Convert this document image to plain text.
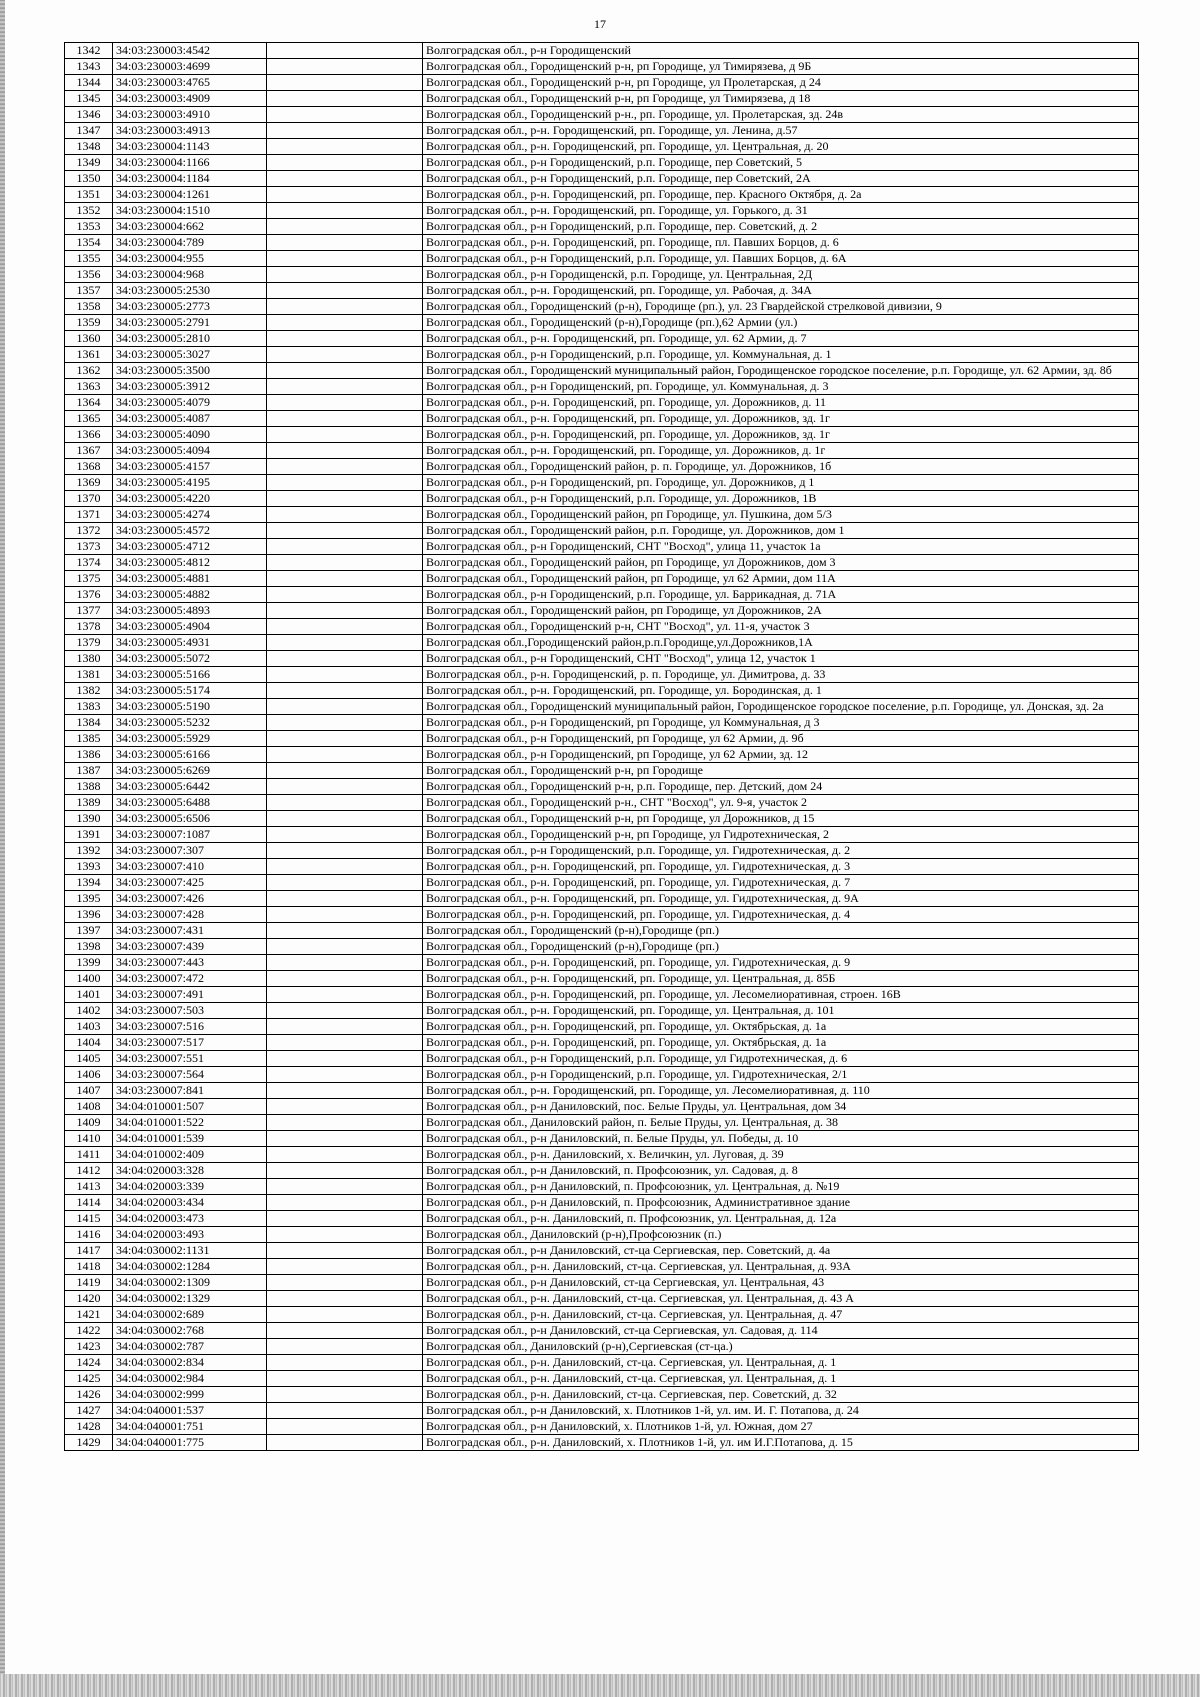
17
1342	34:03:230003:4542		Волгоградская обл., р-н Городищенский
1343	34:03:230003:4699		Волгоградская обл., Городищенский р-н, рп Городище, ул Тимирязева, д 9Б
1344	34:03:230003:4765		Волгоградская обл., Городищенский р-н, рп Городище, ул Пролетарская, д 24
1345	34:03:230003:4909		Волгоградская обл., Городищенский р-н, рп Городище, ул Тимирязева, д 18
1346	34:03:230003:4910		Волгоградская обл., Городищенский р-н., рп. Городище, ул. Пролетарская, зд. 24в
1347	34:03:230003:4913		Волгоградская обл., р-н. Городищенский, рп. Городище, ул. Ленина, д.57
1348	34:03:230004:1143		Волгоградская обл., р-н. Городищенский, рп. Городище, ул. Центральная, д. 20
1349	34:03:230004:1166		Волгоградская обл., р-н Городищенский, р.п. Городище, пер Советский, 5
1350	34:03:230004:1184		Волгоградская обл., р-н Городищенский, р.п. Городище, пер Советский, 2А
1351	34:03:230004:1261		Волгоградская обл., р-н. Городищенский, рп. Городище, пер. Красного Октября, д. 2а
1352	34:03:230004:1510		Волгоградская обл., р-н. Городищенский, рп. Городище, ул. Горького, д. 31
1353	34:03:230004:662		Волгоградская обл., р-н Городищенский, р.п. Городище, пер. Советский, д. 2
1354	34:03:230004:789		Волгоградская обл., р-н. Городищенский, рп. Городище, пл. Павших Борцов, д. 6
1355	34:03:230004:955		Волгоградская обл., р-н Городищенский, р.п. Городище, ул. Павших Борцов, д. 6А
1356	34:03:230004:968		Волгоградская обл., р-н Городищенскй, р.п. Городище, ул. Центральная, 2Д
1357	34:03:230005:2530		Волгоградская обл., р-н. Городищенский, рп. Городище, ул. Рабочая, д. 34А
1358	34:03:230005:2773		Волгоградская обл., Городищенский (р-н), Городище (рп.), ул. 23 Гвардейской стрелковой дивизии, 9
1359	34:03:230005:2791		Волгоградская обл., Городищенский (р-н),Городище (рп.),62 Армии (ул.)
1360	34:03:230005:2810		Волгоградская обл., р-н. Городищенский, рп. Городище, ул. 62 Армии, д. 7
1361	34:03:230005:3027		Волгоградская обл., р-н Городищенский, р.п. Городище, ул. Коммунальная, д. 1
1362	34:03:230005:3500		Волгоградская обл., Городищенский муниципальный район, Городищенское городское поселение, р.п. Городище, ул. 62 Армии, зд. 8б
1363	34:03:230005:3912		Волгоградская обл., р-н Городищенский, рп. Городище, ул. Коммунальная, д. 3
1364	34:03:230005:4079		Волгоградская обл., р-н. Городищенский, рп. Городище, ул. Дорожников, д. 11
1365	34:03:230005:4087		Волгоградская обл., р-н. Городищенский, рп. Городище, ул. Дорожников, зд. 1г
1366	34:03:230005:4090		Волгоградская обл., р-н. Городищенский, рп. Городище, ул. Дорожников, зд. 1г
1367	34:03:230005:4094		Волгоградская обл., р-н. Городищенский, рп. Городище, ул. Дорожников, д. 1г
1368	34:03:230005:4157		Волгоградская обл., Городищенский район, р. п. Городище, ул. Дорожников, 1б
1369	34:03:230005:4195		Волгоградская обл., р-н Городищенский, рп. Городище, ул. Дорожников, д 1
1370	34:03:230005:4220		Волгоградская обл., р-н Городищенский, р.п. Городище, ул. Дорожников, 1В
1371	34:03:230005:4274		Волгоградская обл., Городищенский район, рп Городище, ул. Пушкина, дом 5/3
1372	34:03:230005:4572		Волгоградская обл., Городищенский район, р.п. Городище, ул. Дорожников, дом 1
1373	34:03:230005:4712		Волгоградская обл., р-н Городищенский, СНТ "Восход", улица 11, участок 1а
1374	34:03:230005:4812		Волгоградская обл., Городищенский район, рп Городище, ул Дорожников, дом 3
1375	34:03:230005:4881		Волгоградская обл., Городищенский район, рп Городище, ул 62 Армии, дом 11А
1376	34:03:230005:4882		Волгоградская обл., р-н Городищенский, р.п. Городище, ул. Баррикадная, д. 71А
1377	34:03:230005:4893		Волгоградская обл., Городищенский район, рп Городище, ул Дорожников, 2А
1378	34:03:230005:4904		Волгоградская обл., Городищенский р-н, СНТ "Восход", ул. 11-я, участок 3
1379	34:03:230005:4931		Волгоградская обл.,Городищенский район,р.п.Городище,ул.Дорожников,1А
1380	34:03:230005:5072		Волгоградская обл., р-н Городищенский, СНТ "Восход", улица 12, участок 1
1381	34:03:230005:5166		Волгоградская обл., р-н. Городищенский, р. п. Городище, ул. Димитрова, д. 33
1382	34:03:230005:5174		Волгоградская обл., р-н. Городищенский, рп. Городище, ул. Бородинская, д. 1
1383	34:03:230005:5190		Волгоградская обл., Городищенский муниципальный район, Городищенское городское поселение, р.п. Городище, ул. Донская, зд. 2а
1384	34:03:230005:5232		Волгоградская обл., р-н Городищенский, рп Городище, ул Коммунальная, д 3
1385	34:03:230005:5929		Волгоградская обл., р-н Городищенский, рп Городище, ул 62 Армии, д. 9б
1386	34:03:230005:6166		Волгоградская обл., р-н Городищенский, рп Городище, ул 62 Армии, зд. 12
1387	34:03:230005:6269		Волгоградская обл., Городищенский р-н, рп Городище
1388	34:03:230005:6442		Волгоградская обл., Городищенский р-н, р.п. Городище, пер. Детский, дом 24
1389	34:03:230005:6488		Волгоградская обл., Городищенский р-н., СНТ "Восход", ул. 9-я, участок 2
1390	34:03:230005:6506		Волгоградская обл., Городищенский р-н, рп Городище, ул Дорожников, д 15
1391	34:03:230007:1087		Волгоградская обл., Городищенский р-н, рп Городище, ул Гидротехническая, 2
1392	34:03:230007:307		Волгоградская обл., р-н Городищенский, р.п. Городище, ул. Гидротехническая, д. 2
1393	34:03:230007:410		Волгоградская обл., р-н. Городищенский, рп. Городище, ул. Гидротехническая, д. 3
1394	34:03:230007:425		Волгоградская обл., р-н. Городищенский, рп. Городище, ул. Гидротехническая, д. 7
1395	34:03:230007:426		Волгоградская обл., р-н. Городищенский, рп. Городище, ул. Гидротехническая, д. 9А
1396	34:03:230007:428		Волгоградская обл., р-н. Городищенский, рп. Городище, ул. Гидротехническая, д. 4
1397	34:03:230007:431		Волгоградская обл., Городищенский (р-н),Городище (рп.)
1398	34:03:230007:439		Волгоградская обл., Городищенский (р-н),Городище (рп.)
1399	34:03:230007:443		Волгоградская обл., р-н. Городищенский, рп. Городище, ул. Гидротехническая, д. 9
1400	34:03:230007:472		Волгоградская обл., р-н. Городищенский, рп. Городище, ул. Центральная, д. 85Б
1401	34:03:230007:491		Волгоградская обл., р-н. Городищенский, рп. Городище, ул. Лесомелиоративная, строен. 16В
1402	34:03:230007:503		Волгоградская обл., р-н. Городищенский, рп. Городище, ул. Центральная, д. 101
1403	34:03:230007:516		Волгоградская обл., р-н. Городищенский, рп. Городище, ул. Октябрьская, д. 1а
1404	34:03:230007:517		Волгоградская обл., р-н. Городищенский, рп. Городище, ул. Октябрьская, д. 1а
1405	34:03:230007:551		Волгоградская обл., р-н Городищенский, р.п. Городище, ул Гидротехническая, д. 6
1406	34:03:230007:564		Волгоградская обл., р-н Городищенский, р.п. Городище, ул. Гидротехническая, 2/1
1407	34:03:230007:841		Волгоградская обл., р-н. Городищенский, рп. Городище, ул. Лесомелиоративная, д. 110
1408	34:04:010001:507		Волгоградская обл., р-н Даниловский, пос. Белые Пруды, ул. Центральная, дом 34
1409	34:04:010001:522		Волгоградская обл., Даниловский район, п. Белые Пруды, ул. Центральная, д. 38
1410	34:04:010001:539		Волгоградская обл., р-н Даниловский, п. Белые Пруды, ул. Победы, д. 10
1411	34:04:010002:409		Волгоградская обл., р-н. Даниловский, х. Величкин, ул. Луговая, д. 39
1412	34:04:020003:328		Волгоградская обл., р-н Даниловский, п. Профсоюзник, ул. Садовая, д. 8
1413	34:04:020003:339		Волгоградская обл., р-н Даниловский, п. Профсоюзник, ул. Центральная, д. №19
1414	34:04:020003:434		Волгоградская обл., р-н Даниловский, п. Профсоюзник, Административное здание
1415	34:04:020003:473		Волгоградская обл., р-н. Даниловский, п. Профсоюзник, ул. Центральная, д. 12а
1416	34:04:020003:493		Волгоградская обл., Даниловский (р-н),Профсоюзник (п.)
1417	34:04:030002:1131		Волгоградская обл., р-н Даниловский, ст-ца Сергиевская, пер. Советский, д. 4а
1418	34:04:030002:1284		Волгоградская обл., р-н. Даниловский, ст-ца. Сергиевская, ул. Центральная, д. 93А
1419	34:04:030002:1309		Волгоградская обл., р-н Даниловский, ст-ца Сергиевская, ул. Центральная, 43
1420	34:04:030002:1329		Волгоградская обл., р-н. Даниловский, ст-ца. Сергиевская, ул. Центральная, д. 43 А
1421	34:04:030002:689		Волгоградская обл., р-н. Даниловский, ст-ца. Сергиевская, ул. Центральная, д. 47
1422	34:04:030002:768		Волгоградская обл., р-н Даниловский, ст-ца Сергиевская, ул. Садовая, д. 114
1423	34:04:030002:787		Волгоградская обл., Даниловский (р-н),Сергиевская (ст-ца.)
1424	34:04:030002:834		Волгоградская обл., р-н. Даниловский, ст-ца. Сергиевская, ул. Центральная, д. 1
1425	34:04:030002:984		Волгоградская обл., р-н. Даниловский, ст-ца. Сергиевская, ул. Центральная, д. 1
1426	34:04:030002:999		Волгоградская обл., р-н. Даниловский, ст-ца. Сергиевская, пер. Советский, д. 32
1427	34:04:040001:537		Волгоградская обл., р-н Даниловский, х. Плотников 1-й, ул. им. И. Г. Потапова, д. 24
1428	34:04:040001:751		Волгоградская обл., р-н Даниловский, х. Плотников 1-й, ул. Южная, дом 27
1429	34:04:040001:775		Волгоградская обл., р-н. Даниловский, х. Плотников 1-й, ул. им И.Г.Потапова, д. 15
